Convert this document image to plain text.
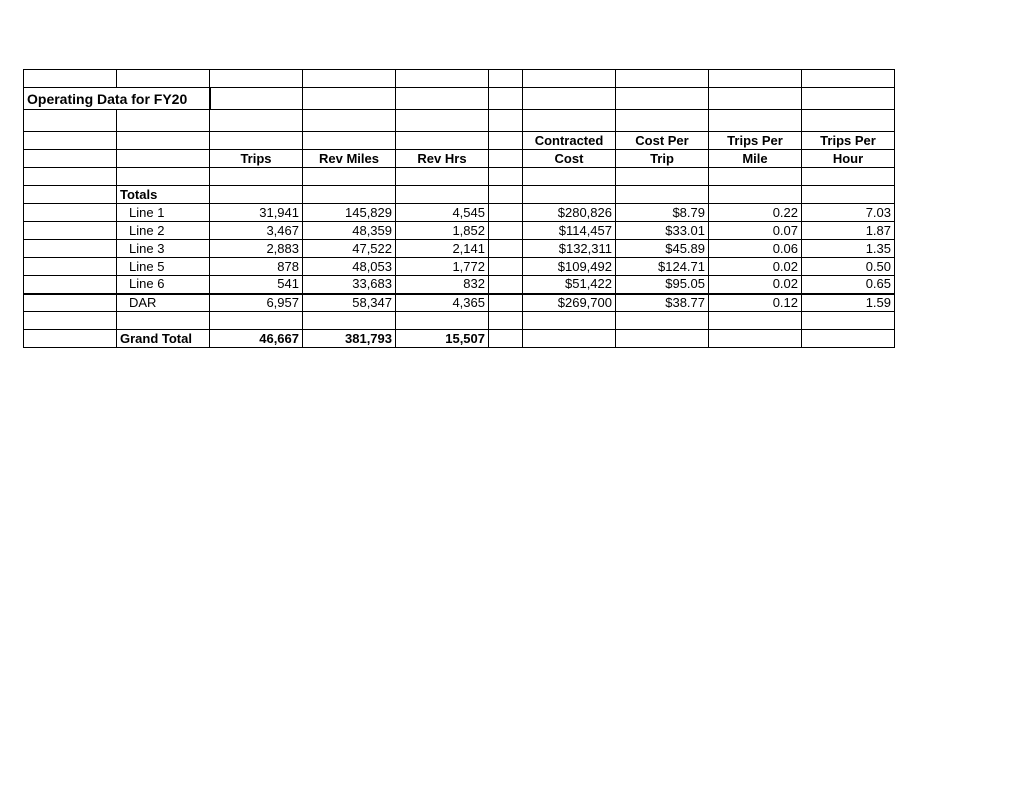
Operating Data for FY20									

						Contracted	Cost Per	Trips Per	Trips Per
		Trips	Rev Miles	Rev Hrs		Cost	Trip	Mile	Hour

	Totals								
	Line 1	31,941	145,829	4,545		$280,826	$8.79	0.22	7.03
	Line 2	3,467	48,359	1,852		$114,457	$33.01	0.07	1.87
	Line 3	2,883	47,522	2,141		$132,311	$45.89	0.06	1.35
	Line 5	878	48,053	1,772		$109,492	$124.71	0.02	0.50
	Line 6	541	33,683	832		$51,422	$95.05	0.02	0.65
	DAR	6,957	58,347	4,365		$269,700	$38.77	0.12	1.59

	Grand Total	46,667	381,793	15,507					
